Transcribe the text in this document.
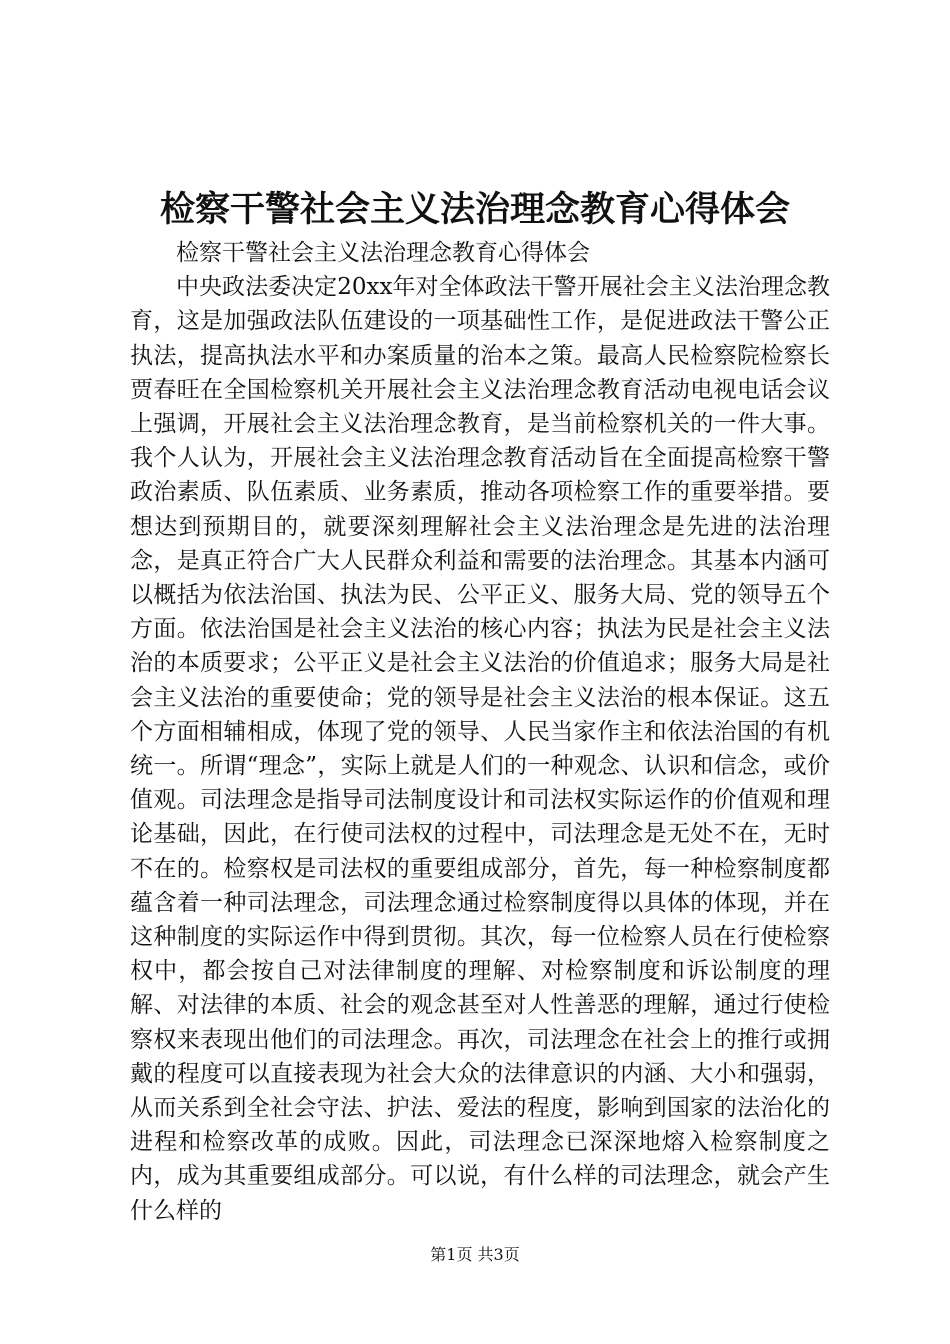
检察干警社会主义法治理念教育心得体会

检察干警社会主义法治理念教育心得体会

中央政法委决定20xx年对全体政法干警开展社会主义法治理念教育，这是加强政法队伍建设的一项基础性工作，是促进政法干警公正执法，提高执法水平和办案质量的治本之策。最高人民检察院检察长贾春旺在全国检察机关开展社会主义法治理念教育活动电视电话会议上强调，开展社会主义法治理念教育，是当前检察机关的一件大事。我个人认为，开展社会主义法治理念教育活动旨在全面提高检察干警政治素质、队伍素质、业务素质，推动各项检察工作的重要举措。要想达到预期目的，就要深刻理解社会主义法治理念是先进的法治理念，是真正符合广大人民群众利益和需要的法治理念。其基本内涵可以概括为依法治国、执法为民、公平正义、服务大局、党的领导五个方面。依法治国是社会主义法治的核心内容；执法为民是社会主义法治的本质要求；公平正义是社会主义法治的价值追求；服务大局是社会主义法治的重要使命；党的领导是社会主义法治的根本保证。这五个方面相辅相成，体现了党的领导、人民当家作主和依法治国的有机统一。所谓“理念”，实际上就是人们的一种观念、认识和信念，或价值观。司法理念是指导司法制度设计和司法权实际运作的价值观和理论基础，因此，在行使司法权的过程中，司法理念是无处不在，无时不在的。检察权是司法权的重要组成部分，首先，每一种检察制度都蕴含着一种司法理念，司法理念通过检察制度得以具体的体现，并在这种制度的实际运作中得到贯彻。其次，每一位检察人员在行使检察权中，都会按自己对法律制度的理解、对检察制度和诉讼制度的理解、对法律的本质、社会的观念甚至对人性善恶的理解，通过行使检察权来表现出他们的司法理念。再次，司法理念在社会上的推行或拥戴的程度可以直接表现为社会大众的法律意识的内涵、大小和强弱，从而关系到全社会守法、护法、爱法的程度，影响到国家的法治化的进程和检察改革的成败。因此，司法理念已深深地熔入检察制度之内，成为其重要组成部分。可以说，有什么样的司法理念，就会产生什么样的

第1页 共3页
